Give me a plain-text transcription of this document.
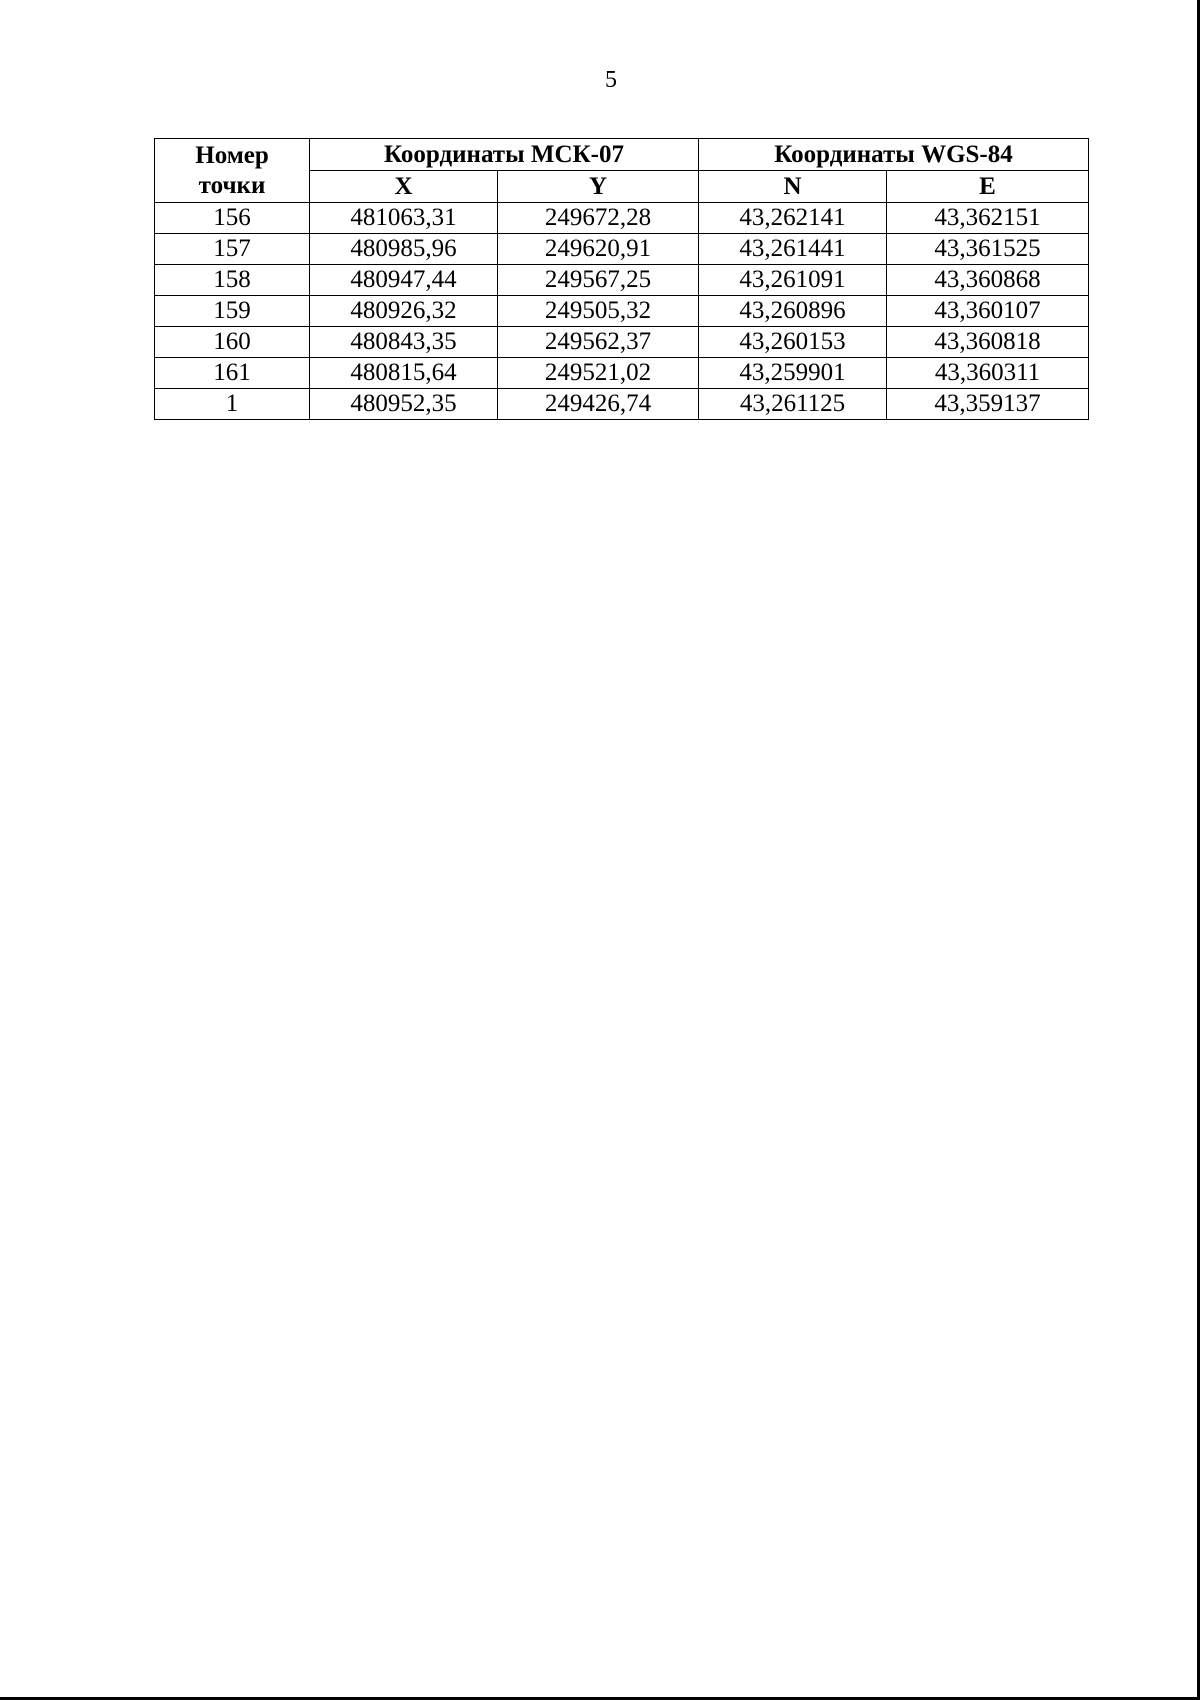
5
Номер
точки	Координаты МСК-07		Координаты WGS-84	
	X	Y	N	E
156	481063,31	249672,28	43,262141	43,362151
157	480985,96	249620,91	43,261441	43,361525
158	480947,44	249567,25	43,261091	43,360868
159	480926,32	249505,32	43,260896	43,360107
160	480843,35	249562,37	43,260153	43,360818
161	480815,64	249521,02	43,259901	43,360311
1	480952,35	249426,74	43,261125	43,359137
